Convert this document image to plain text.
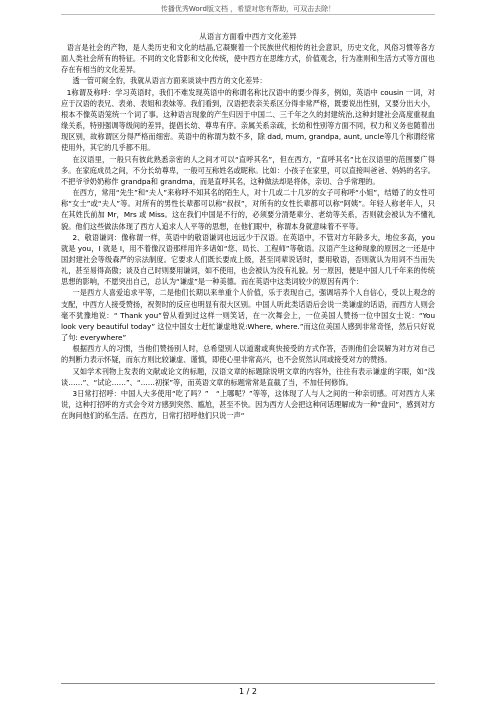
传播优秀Word版文档 ，希望对您有帮助，可双击去除！
从语言方面看中西方文化差异

语言是社会的产物，是人类历史和文化的结晶,它凝聚着一个民族世代相传的社会意识，历史文化，风俗习惯等各方面人类社会所有的特征。不同的文化背影和文化传统，使中西方在思维方式，价值观念，行为准则和生活方式等方面也存在有相当的文化差异。

透一管可窥全豹，我就从语言方面来谈谈中西方的文化差异：

1称谓及称呼：学习英语时，我们不难发现英语中的称谓名称比汉语中的要少得多，例如，英语中 cousin 一词，对应于汉语的表兄、表弟、表姐和表妹等。我们看到，汉语把表亲关系区分得非常严格，既要说出性别，又要分出大小，根本不像英语笼统一个词了事。这种语言现象的产生归因于中国二、三千年之久的封建统治,这种封建社会高度重视血缘关系，特别强调等级间的差异，提倡长幼、尊卑有序。亲属关系亲疏，长幼和性别等方面不同，权力和义务也随着出现区别，故称谓区分得严格而细密。英语中的称谓为数不多，除 dad, mum, grandpa, aunt, uncle等几个称谓经常使用外，其它的几乎都不用。

在汉语里，一般只有彼此熟悉亲密的人之间才可以“直呼其名”，但在西方，“直呼其名”比在汉语里的范围要广得多。在家庭成员之间，不分长幼尊卑，一般可互称姓名或昵称。比如：小孩子在家里，可以直接叫爸爸、妈妈的名字。不把爷爷奶奶称作 grandpa和 grandma，而是直呼其名，这种做法却是将体，亲切、合乎常理的。

在西方，常用“先生”和“夫人”来称呼不知其名的陌生人，对十几或二十几岁的女子可称呼“小姐”，结婚了的女性可称“女士”或“夫人”等。对所有的男性长辈都可以称“叔叔”，对所有的女性长辈都可以称“阿姨”。年轻人称老年人，只在其姓氏前加 Mr，Mrs 或 Miss。这在我们中国是不行的，必须要分清楚辈分、老幼等关系，否则就会被认为不懂礼貌。他们这些做法体现了西方人追求人人平等的思想，在他们眼中，称谓本身就意味着不平等。

2、敬语谦词：像称谓一样，英语中的敬语谦词也远远少于汉语。在英语中，不管对方年龄多大，地位多高，you 就是 you，I 就是 I，用不着像汉语那样用许多诸如“您、局长、工程师”等敬语。汉语产生这种现象的原因之一还是中国封建社会等级森严的宗法制度。它要求人们既长要成上级，甚至同辈说话时，要用敬语，否则就认为用词不当而失礼，甚至易得高傲；谈及自己时则要用谦词，如不使用，也会被认为没有礼貌。另一原因，便是中国人几千年来的传统思想的影响，不愿突出自己，总认为“谦虚”是一种美德。而在英语中这类词较少的原因有两个：

一是西方人喜爱追求平等，二是他们长期以来单重个人价值，乐于表现自己，强调培养个人自信心，受以上观念的支配，中西方人接受赞扬，祝贺时的反应也明显有很大区别。中国人听此类话语后会说一类谦虚的话语，而西方人则会毫不犹豫地说：“ Thank you”曾从看到过这样一则笑话，在一次舞会上，一位美国人赞扬一位中国女士说：“You look very beautiful today” 这位中国女士赶忙谦虚地说:Where, where.”而这位美国人感到非常奇怪，然后只好说了句: everywhere”

根据西方人的习惯，当他们赞扬别人时，总希望别人以道谢或爽快接受的方式作答，否则他们会误解为对方对自己的判断力表示怀疑，而东方则比较谦虚、谨慎，即使心里非常高兴，也不会贸然认同或接受对方的赞扬。

又如学术刊物上发表的文献或论文的标题，汉语文章的标题除说明文章的内容外，往往有表示谦虚的字眼，如“浅谈……”、“试论……”、“……初探”等，而英语文章的标题常常是直截了当，不加任何修饰。

3日常打招呼：中国人大多使用“吃了吗？”　“上哪呢？”等等，这体现了人与人之间的一种亲切感。可对西方人来说，这种打招呼的方式会令对方感到突然、尴尬，甚至不快。因为西方人会把这种问话理解成为一种“盘问”，感到对方在询问他们的私生活。在西方，日常打招呼他们只说一声“

1 / 2
